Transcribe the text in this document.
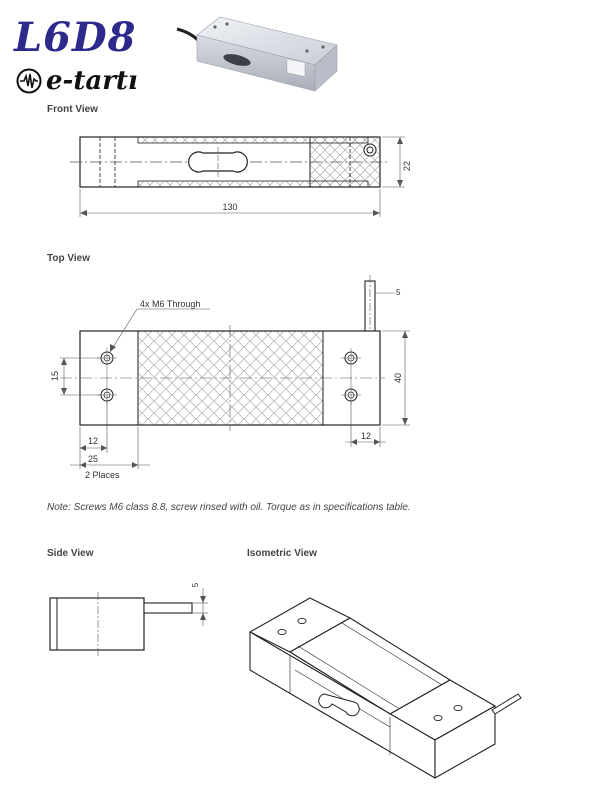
L6D8
e-tartı
Front View
22
130
Top View
5
4x M6 Through
40
15
12
25
2 Places
12
Note: Screws M6 class 8.8, screw rinsed with oil. Torque as in specifications table.
Side View
5
Isometric View
